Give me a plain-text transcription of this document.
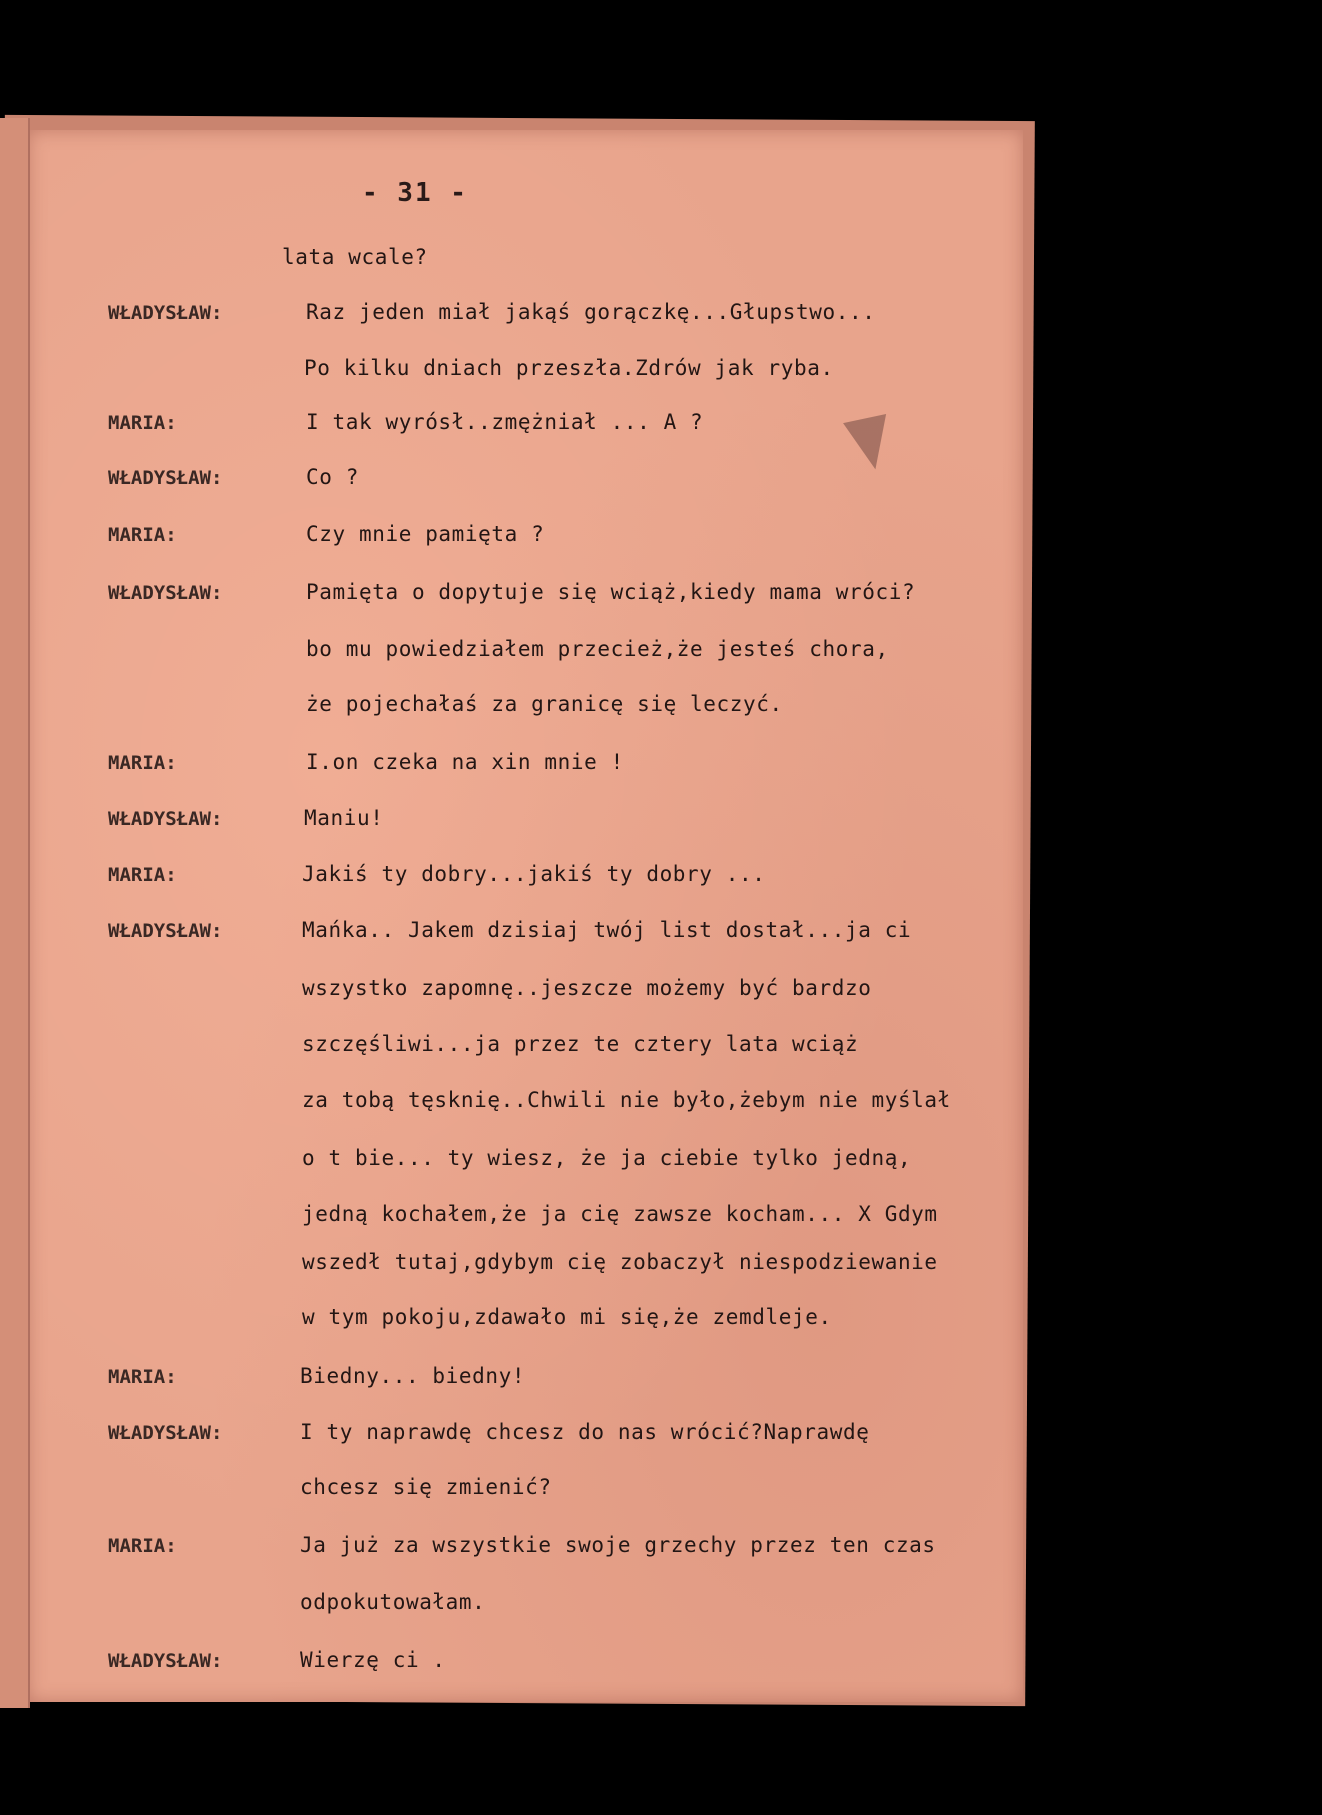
- 31 -
lata wcale?
WŁADYSŁAW:	Raz jeden miał jakąś gorączkę...Głupstwo...
Po kilku dniach przeszła.Zdrów jak ryba.
MARIA:	I tak wyrósł..zmężniał ... A ?
WŁADYSŁAW:	Co ?
MARIA:	Czy mnie pamięta ?
WŁADYSŁAW:	Pamięta o dopytuje się wciąż,kiedy mama wróci?
bo mu powiedziałem przecież,że jesteś chora,
że pojechałaś za granicę się leczyć.
MARIA:	I.on czeka na xin mnie !
WŁADYSŁAW:	Maniu!
MARIA:	Jakiś ty dobry...jakiś ty dobry ...
WŁADYSŁAW:	Mańka.. Jakem dzisiaj twój list dostał...ja ci
wszystko zapomnę..jeszcze możemy być bardzo
szczęśliwi...ja przez te cztery lata wciąż
za tobą tęsknię..Chwili nie było,żebym nie myślał
o t bie... ty wiesz, że ja ciebie tylko jedną,
jedną kochałem,że ja cię zawsze kocham... X Gdym
wszedł tutaj,gdybym cię zobaczył niespodziewanie
w tym pokoju,zdawało mi się,że zemdleje.
MARIA:	Biedny... biedny!
WŁADYSŁAW:	I ty naprawdę chcesz do nas wrócić?Naprawdę
chcesz się zmienić?
MARIA:	Ja już za wszystkie swoje grzechy przez ten czas
odpokutowałam.
WŁADYSŁAW:	Wierzę ci .
